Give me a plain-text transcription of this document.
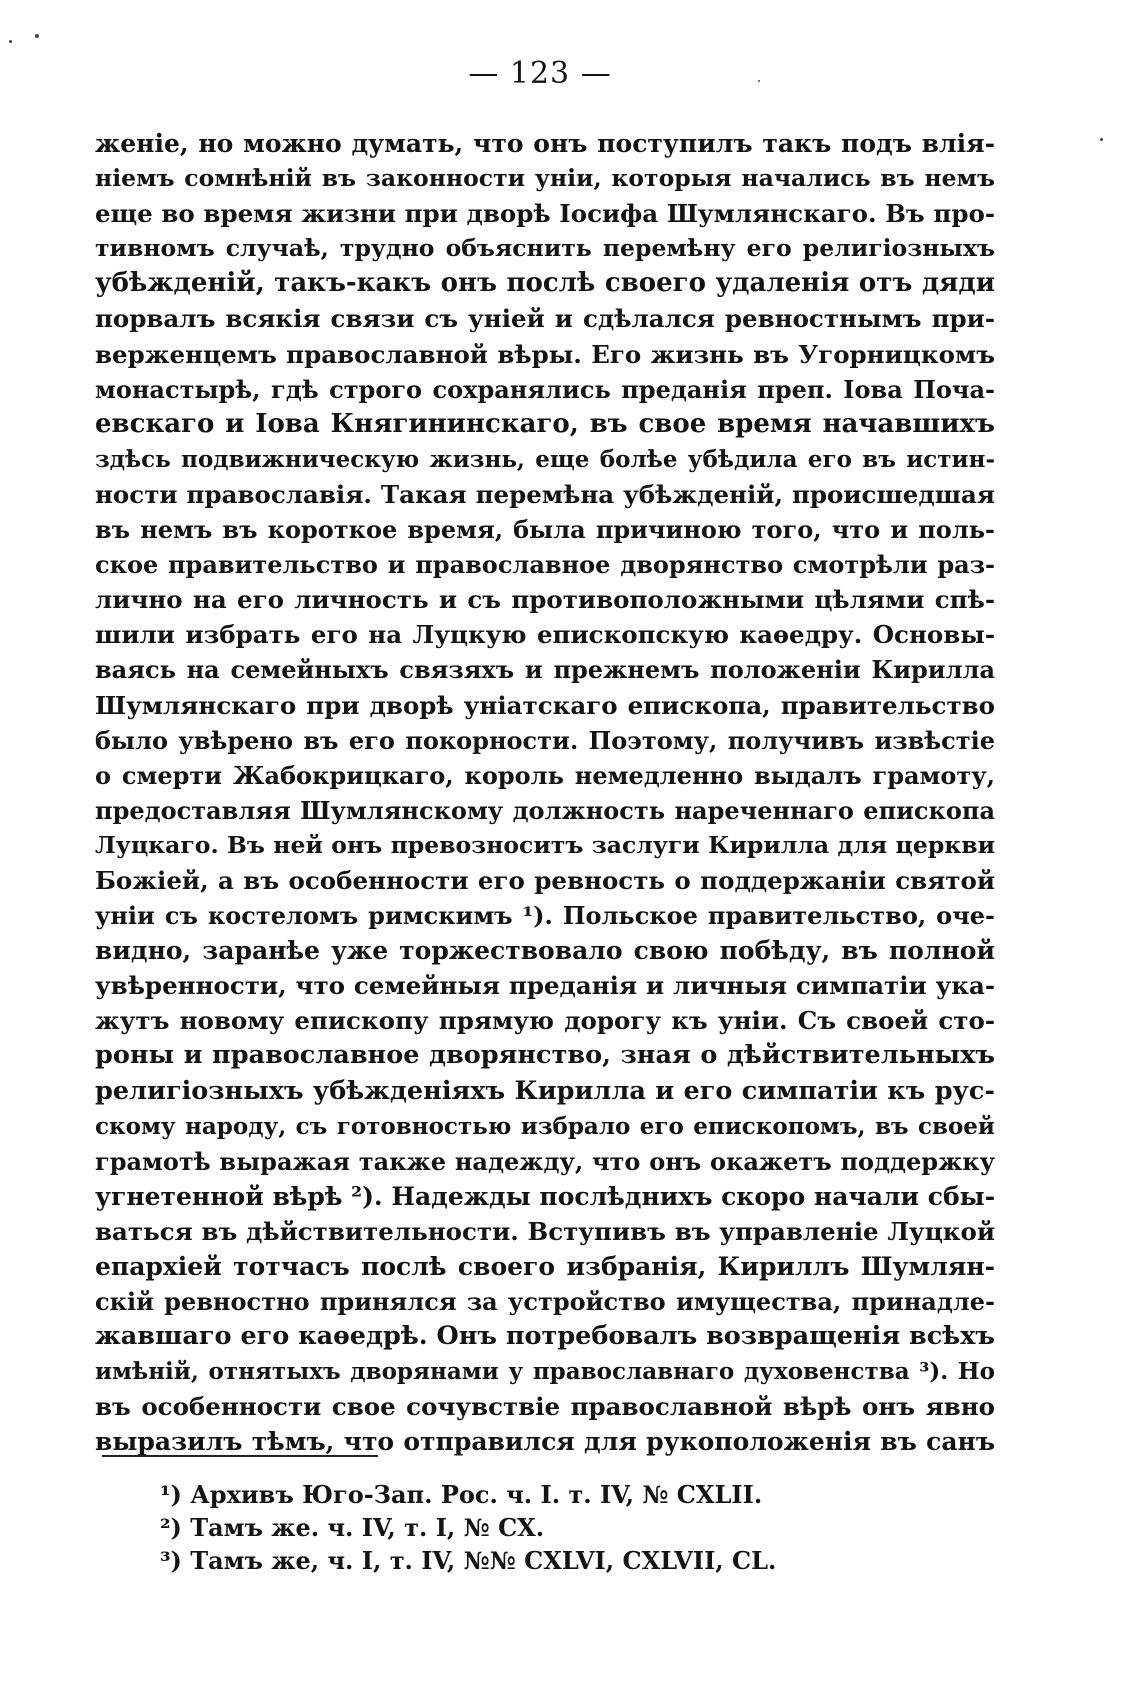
— 123 —
женіе, но можно думать, что онъ поступилъ такъ подъ влія-
ніемъ сомнѣній въ законности уніи, которыя начались въ немъ
еще во время жизни при дворѣ Іосифа Шумлянскаго. Въ про-
тивномъ случаѣ, трудно объяснить перемѣну его религіозныхъ
убѣжденій, такъ-какъ онъ послѣ своего удаленія отъ дяди
порвалъ всякія связи съ уніей и сдѣлался ревностнымъ при-
верженцемъ православной вѣры. Его жизнь въ Угорницкомъ
монастырѣ, гдѣ строго сохранялись преданія преп. Іова Поча-
евскаго и Іова Княгининскаго, въ свое время начавшихъ
здѣсь подвижническую жизнь, еще болѣе убѣдила его въ истин-
ности православія. Такая перемѣна убѣжденій, происшедшая
въ немъ въ короткое время, была причиною того, что и поль-
ское правительство и православное дворянство смотрѣли раз-
лично на его личность и съ противоположными цѣлями спѣ-
шили избрать его на Луцкую епископскую каѳедру. Основы-
ваясь на семейныхъ связяхъ и прежнемъ положеніи Кирилла
Шумлянскаго при дворѣ уніатскаго епископа, правительство
было увѣрено въ его покорности. Поэтому, получивъ извѣстіе
о смерти Жабокрицкаго, король немедленно выдалъ грамоту,
предоставляя Шумлянскому должность нареченнаго епископа
Луцкаго. Въ ней онъ превозноситъ заслуги Кирилла для церкви
Божіей, а въ особенности его ревность о поддержаніи святой
уніи съ костеломъ римскимъ ¹). Польское правительство, оче-
видно, заранѣе уже торжествовало свою побѣду, въ полной
увѣренности, что семейныя преданія и личныя симпатіи ука-
жутъ новому епископу прямую дорогу къ уніи. Съ своей сто-
роны и православное дворянство, зная о дѣйствительныхъ
религіозныхъ убѣжденіяхъ Кирилла и его симпатіи къ рус-
скому народу, съ готовностью избрало его епископомъ, въ своей
грамотѣ выражая также надежду, что онъ окажетъ поддержку
угнетенной вѣрѣ ²). Надежды послѣднихъ скоро начали сбы-
ваться въ дѣйствительности. Вступивъ въ управленіе Луцкой
епархіей тотчасъ послѣ своего избранія, Кириллъ Шумлян-
скій ревностно принялся за устройство имущества, принадле-
жавшаго его каѳедрѣ. Онъ потребовалъ возвращенія всѣхъ
имѣній, отнятыхъ дворянами у православнаго духовенства ³). Но
въ особенности свое сочувствіе православной вѣрѣ онъ явно
выразилъ тѣмъ, что отправился для рукоположенія въ санъ
¹) Архивъ Юго-Зап. Рос. ч. I. т. IV, № CXLII.
²) Тамъ же. ч. IV, т. I, № CX.
³) Тамъ же, ч. I, т. IV, №№ CXLVI, CXLVII, CL.
